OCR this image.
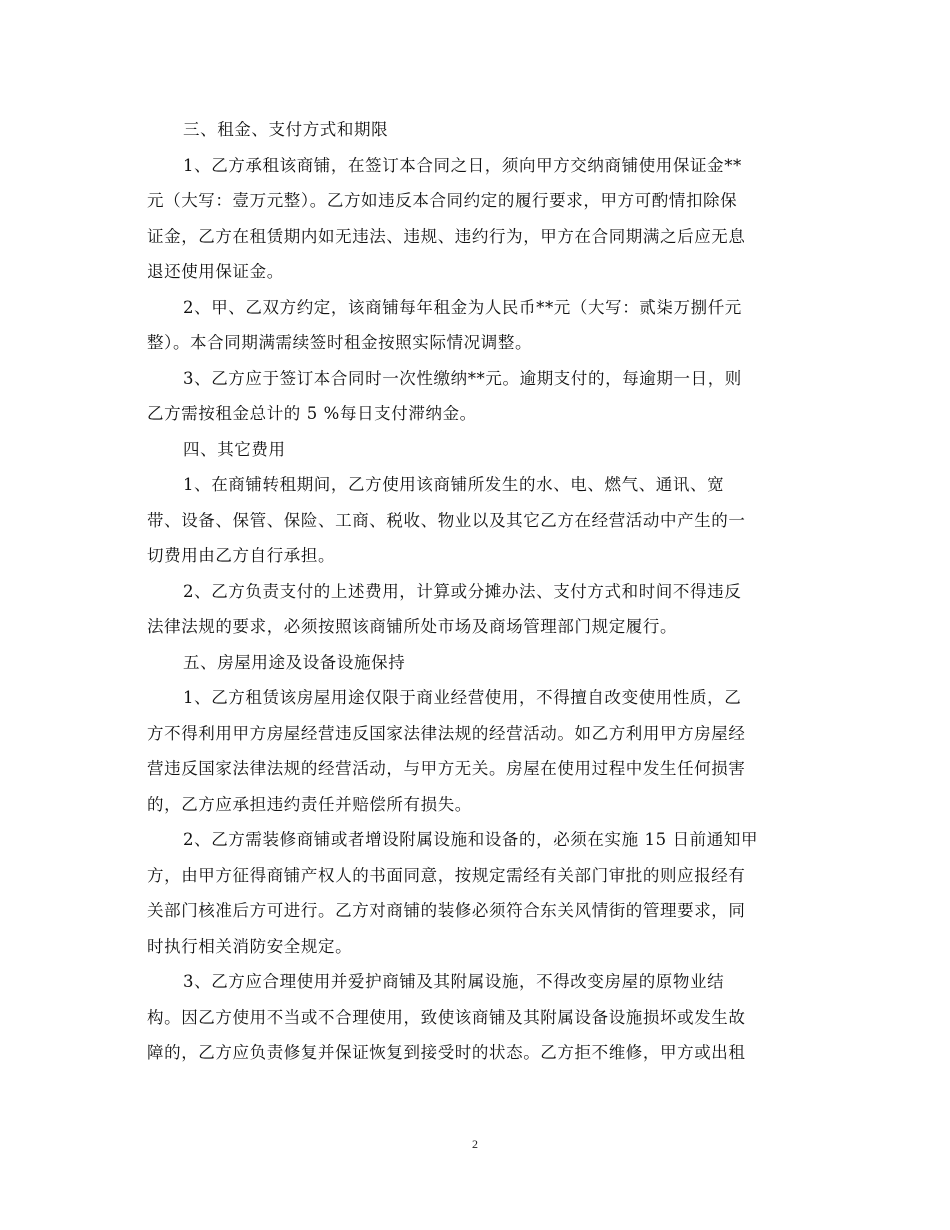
三、租金、支付方式和期限
1、乙方承租该商铺，在签订本合同之日，须向甲方交纳商铺使用保证金**
元（大写：壹万元整）。乙方如违反本合同约定的履行要求，甲方可酌情扣除保
证金，乙方在租赁期内如无违法、违规、违约行为，甲方在合同期满之后应无息
退还使用保证金。
2、甲、乙双方约定，该商铺每年租金为人民币**元（大写：贰柒万捌仟元
整）。本合同期满需续签时租金按照实际情况调整。
3、乙方应于签订本合同时一次性缴纳**元。逾期支付的，每逾期一日，则
乙方需按租金总计的 5 %每日支付滞纳金。
四、其它费用
1、在商铺转租期间，乙方使用该商铺所发生的水、电、燃气、通讯、宽
带、设备、保管、保险、工商、税收、物业以及其它乙方在经营活动中产生的一
切费用由乙方自行承担。
2、乙方负责支付的上述费用，计算或分摊办法、支付方式和时间不得违反
法律法规的要求，必须按照该商铺所处市场及商场管理部门规定履行。
五、房屋用途及设备设施保持
1、乙方租赁该房屋用途仅限于商业经营使用，不得擅自改变使用性质，乙
方不得利用甲方房屋经营违反国家法律法规的经营活动。如乙方利用甲方房屋经
营违反国家法律法规的经营活动，与甲方无关。房屋在使用过程中发生任何损害
的，乙方应承担违约责任并赔偿所有损失。
2、乙方需装修商铺或者增设附属设施和设备的，必须在实施 15 日前通知甲
方，由甲方征得商铺产权人的书面同意，按规定需经有关部门审批的则应报经有
关部门核准后方可进行。乙方对商铺的装修必须符合东关风情街的管理要求，同
时执行相关消防安全规定。
3、乙方应合理使用并爱护商铺及其附属设施，不得改变房屋的原物业结
构。因乙方使用不当或不合理使用，致使该商铺及其附属设备设施损坏或发生故
障的，乙方应负责修复并保证恢复到接受时的状态。乙方拒不维修，甲方或出租
2
